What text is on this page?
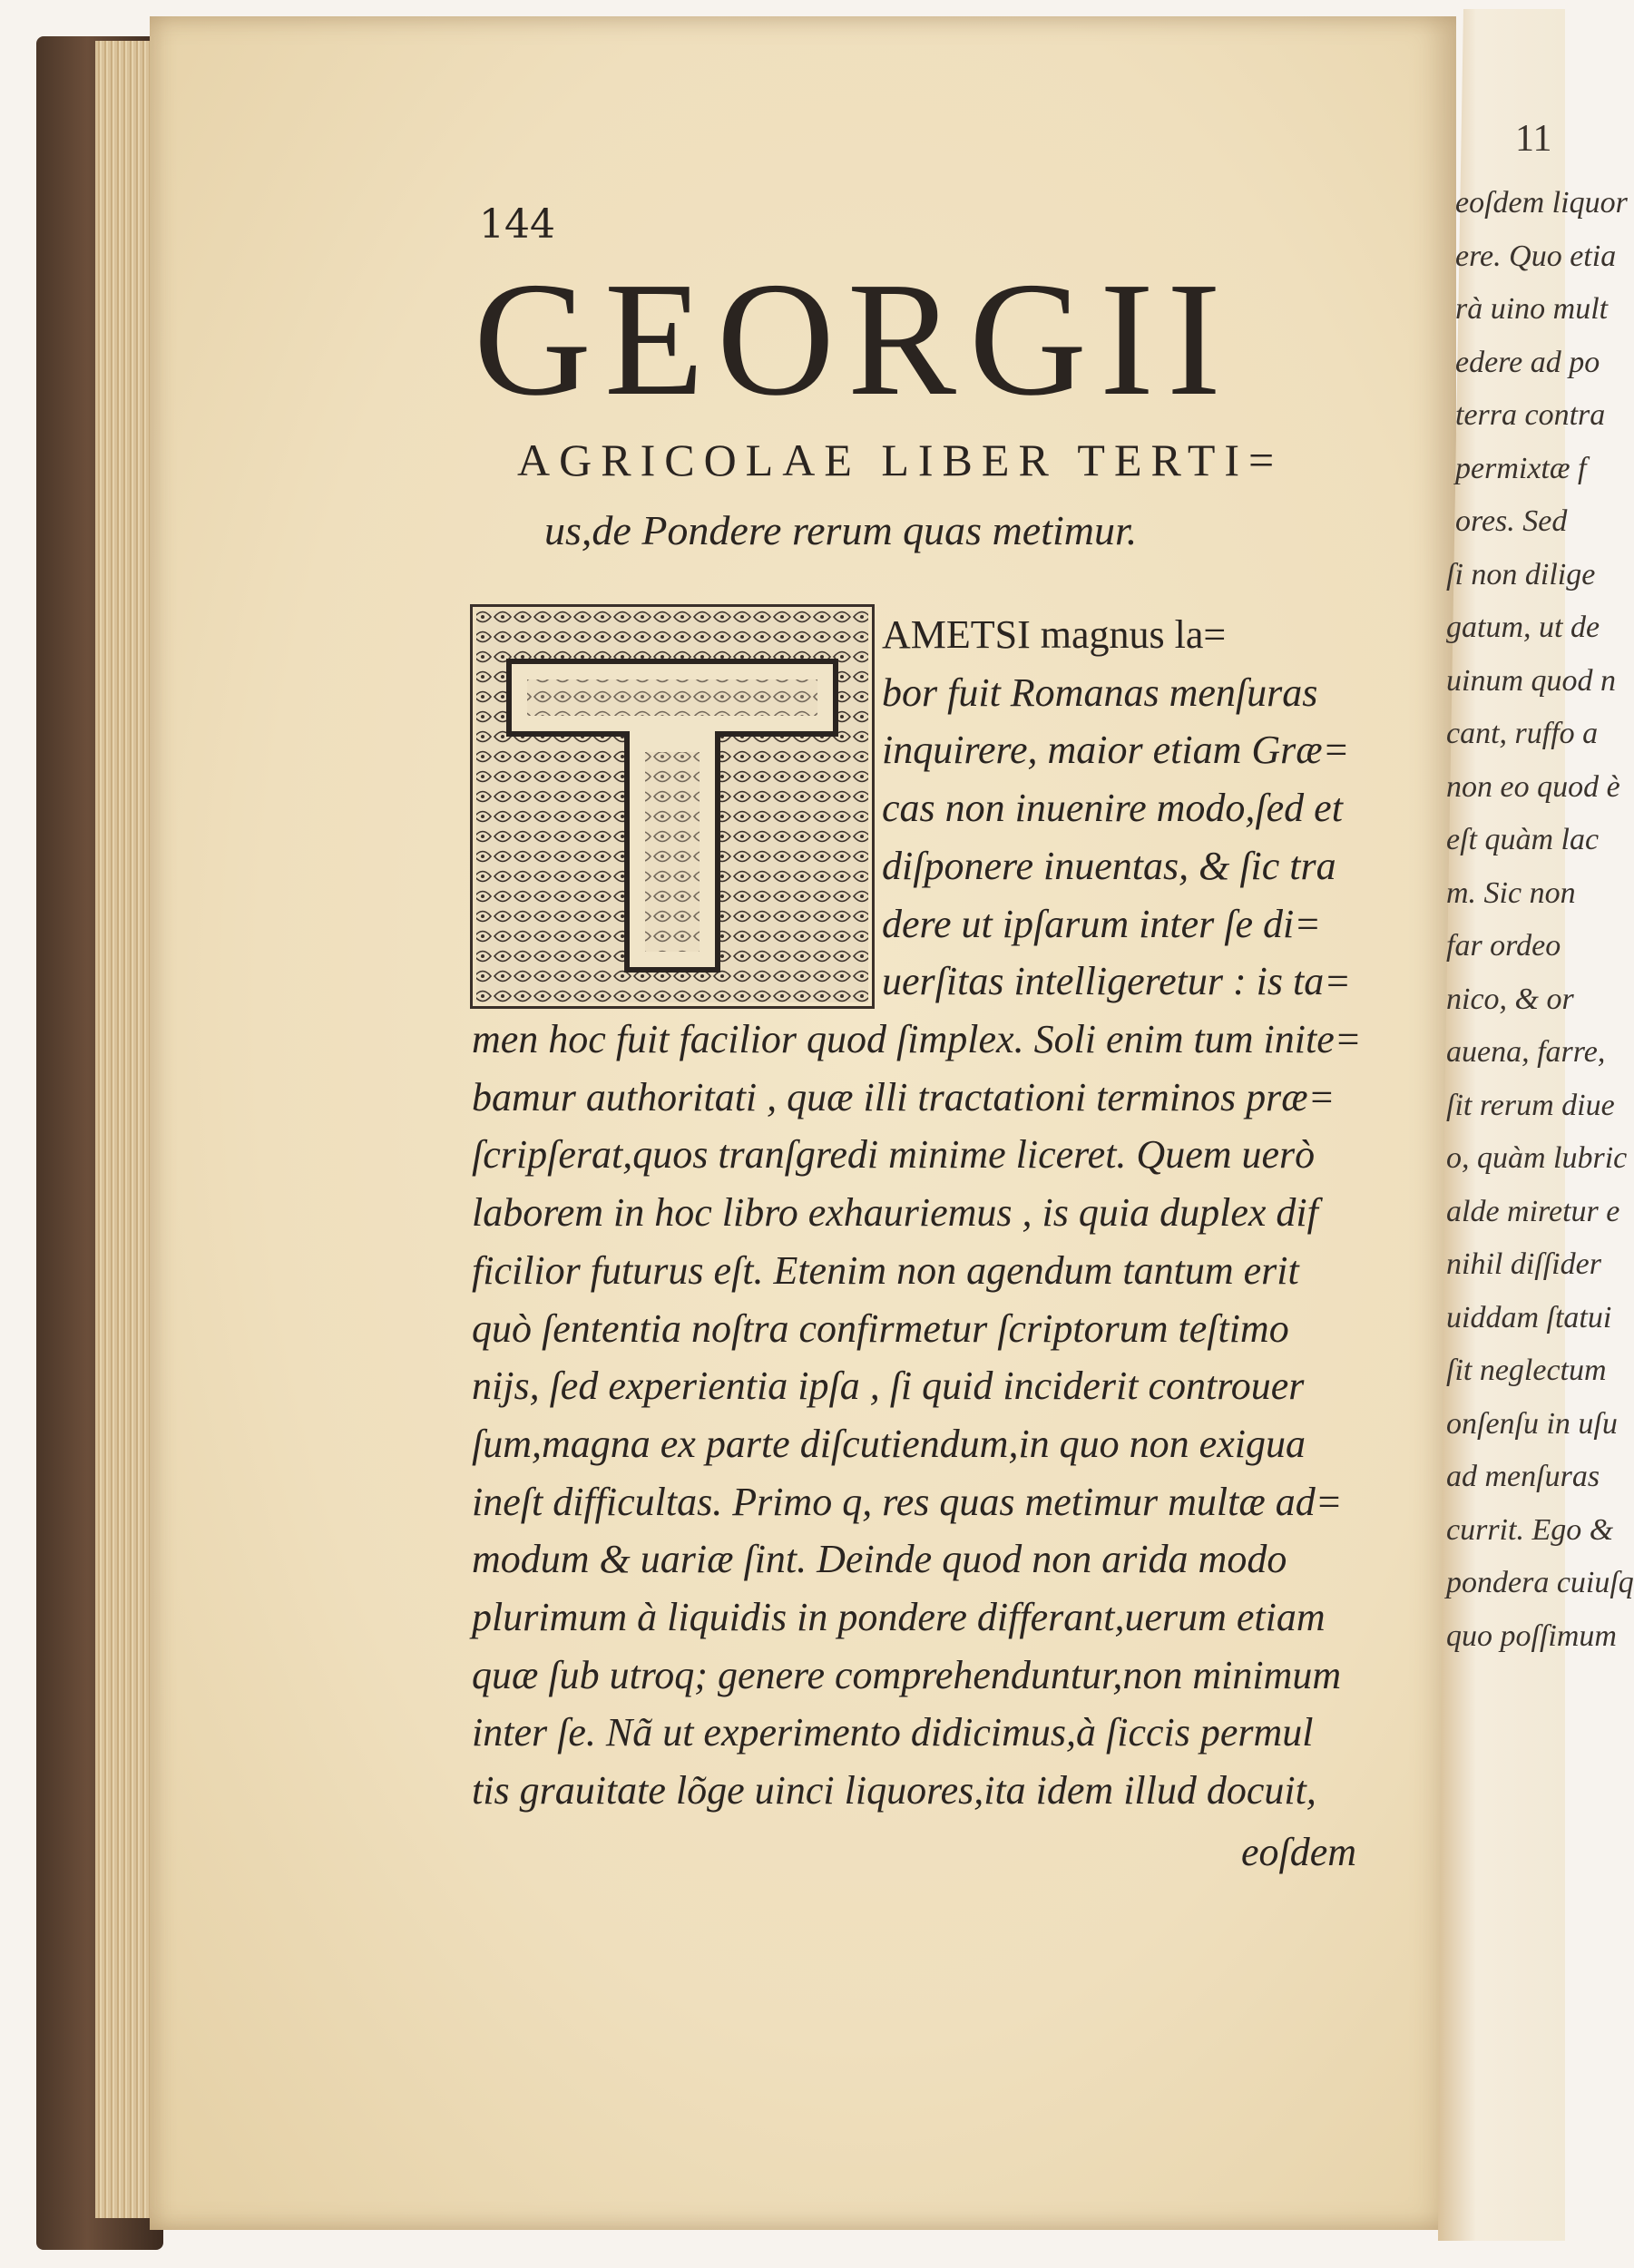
144
GEORGII
AGRICOLAE LIBER TERTI=
us,de Pondere rerum quas metimur.
AMETSI magnus la=
bor fuit Romanas menſuras
inquirere, maior etiam Græ=
cas non inuenire modo,ſed et
diſponere inuentas, & ſic tra
dere ut ipſarum inter ſe di=
uerſitas intelligeretur : is ta=
men hoc fuit facilior quod ſimplex. Soli enim tum inite=
bamur authoritati , quæ illi tractationi terminos præ=
ſcripſerat,quos tranſgredi minime liceret. Quem uerò
laborem in hoc libro exhauriemus , is quia duplex dif
ficilior futurus eſt. Etenim non agendum tantum erit
quò ſententia noſtra confirmetur ſcriptorum teſtimo
nijs, ſed experientia ipſa , ſi quid inciderit controuer
ſum,magna ex parte diſcutiendum,in quo non exigua
ineſt difficultas. Primo q, res quas metimur multæ ad=
modum & uariæ ſint. Deinde quod non arida modo
plurimum à liquidis in pondere differant,uerum etiam
quæ ſub utroq; genere comprehenduntur,non minimum
inter ſe. Nã ut experimento didicimus,à ſiccis permul
tis grauitate lõge uinci liquores,ita idem illud docuit,
eoſdem
11
eoſdem liquor
ere. Quo etia
rà uino mult
edere ad po
terra contra
permixtæ f
ores. Sed
ſi non dilige
gatum, ut de
uinum quod n
cant, ruffo a
non eo quod è
eſt quàm lac
m. Sic non
far ordeo
nico, & or
auena, farre,
ſit rerum diue
o, quàm lubric
alde miretur e
nihil diſſider
uiddam ſtatui
ſit neglectum
onſenſu in uſu
ad menſuras
currit. Ego &
pondera cuiuſq
quo poſſimum
